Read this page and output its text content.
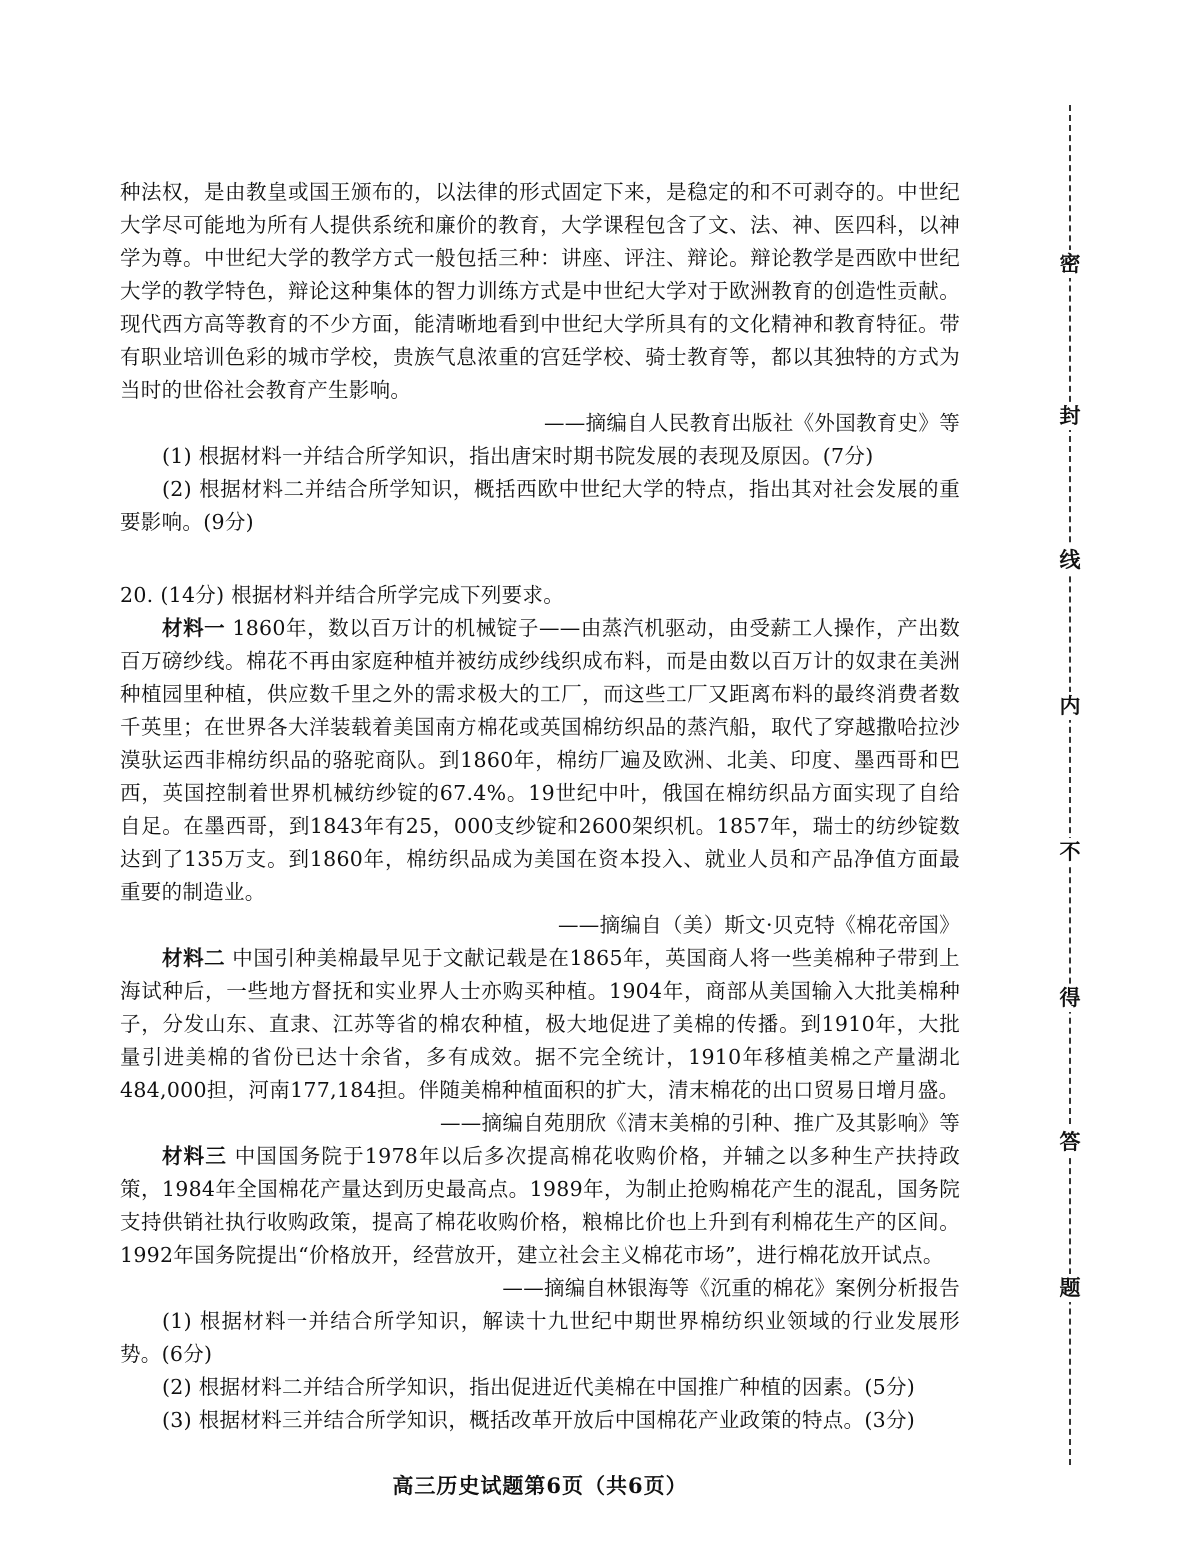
种法权，是由教皇或国王颁布的，以法律的形式固定下来，是稳定的和不可剥夺的。中世纪大学尽可能地为所有人提供系统和廉价的教育，大学课程包含了文、法、神、医四科，以神学为尊。中世纪大学的教学方式一般包括三种：讲座、评注、辩论。辩论教学是西欧中世纪大学的教学特色，辩论这种集体的智力训练方式是中世纪大学对于欧洲教育的创造性贡献。现代西方高等教育的不少方面，能清晰地看到中世纪大学所具有的文化精神和教育特征。带有职业培训色彩的城市学校，贵族气息浓重的宫廷学校、骑士教育等，都以其独特的方式为当时的世俗社会教育产生影响。

——摘编自人民教育出版社《外国教育史》等

(1) 根据材料一并结合所学知识，指出唐宋时期书院发展的表现及原因。(7分)

(2) 根据材料二并结合所学知识，概括西欧中世纪大学的特点，指出其对社会发展的重要影响。(9分)

20. (14分) 根据材料并结合所学完成下列要求。

材料一 1860年，数以百万计的机械锭子——由蒸汽机驱动，由受薪工人操作，产出数百万磅纱线。棉花不再由家庭种植并被纺成纱线织成布料，而是由数以百万计的奴隶在美洲种植园里种植，供应数千里之外的需求极大的工厂，而这些工厂又距离布料的最终消费者数千英里；在世界各大洋装载着美国南方棉花或英国棉纺织品的蒸汽船，取代了穿越撒哈拉沙漠驮运西非棉纺织品的骆驼商队。到1860年，棉纺厂遍及欧洲、北美、印度、墨西哥和巴西，英国控制着世界机械纺纱锭的67.4%。19世纪中叶，俄国在棉纺织品方面实现了自给自足。在墨西哥，到1843年有25，000支纱锭和2600架织机。1857年，瑞士的纺纱锭数达到了135万支。到1860年，棉纺织品成为美国在资本投入、就业人员和产品净值方面最重要的制造业。

——摘编自（美）斯文·贝克特《棉花帝国》

材料二 中国引种美棉最早见于文献记载是在1865年，英国商人将一些美棉种子带到上海试种后，一些地方督抚和实业界人士亦购买种植。1904年，商部从美国输入大批美棉种子，分发山东、直隶、江苏等省的棉农种植，极大地促进了美棉的传播。到1910年，大批量引进美棉的省份已达十余省，多有成效。据不完全统计，1910年移植美棉之产量湖北484,000担，河南177,184担。伴随美棉种植面积的扩大，清末棉花的出口贸易日增月盛。

——摘编自苑朋欣《清末美棉的引种、推广及其影响》等

材料三 中国国务院于1978年以后多次提高棉花收购价格，并辅之以多种生产扶持政策，1984年全国棉花产量达到历史最高点。1989年，为制止抢购棉花产生的混乱，国务院支持供销社执行收购政策，提高了棉花收购价格，粮棉比价也上升到有利棉花生产的区间。1992年国务院提出“价格放开，经营放开，建立社会主义棉花市场”，进行棉花放开试点。

——摘编自林银海等《沉重的棉花》案例分析报告

(1) 根据材料一并结合所学知识，解读十九世纪中期世界棉纺织业领域的行业发展形势。(6分)

(2) 根据材料二并结合所学知识，指出促进近代美棉在中国推广种植的因素。(5分)

(3) 根据材料三并结合所学知识，概括改革开放后中国棉花产业政策的特点。(3分)

高三历史试题第6页（共6页）
密
封
线
内
不
得
答
题
